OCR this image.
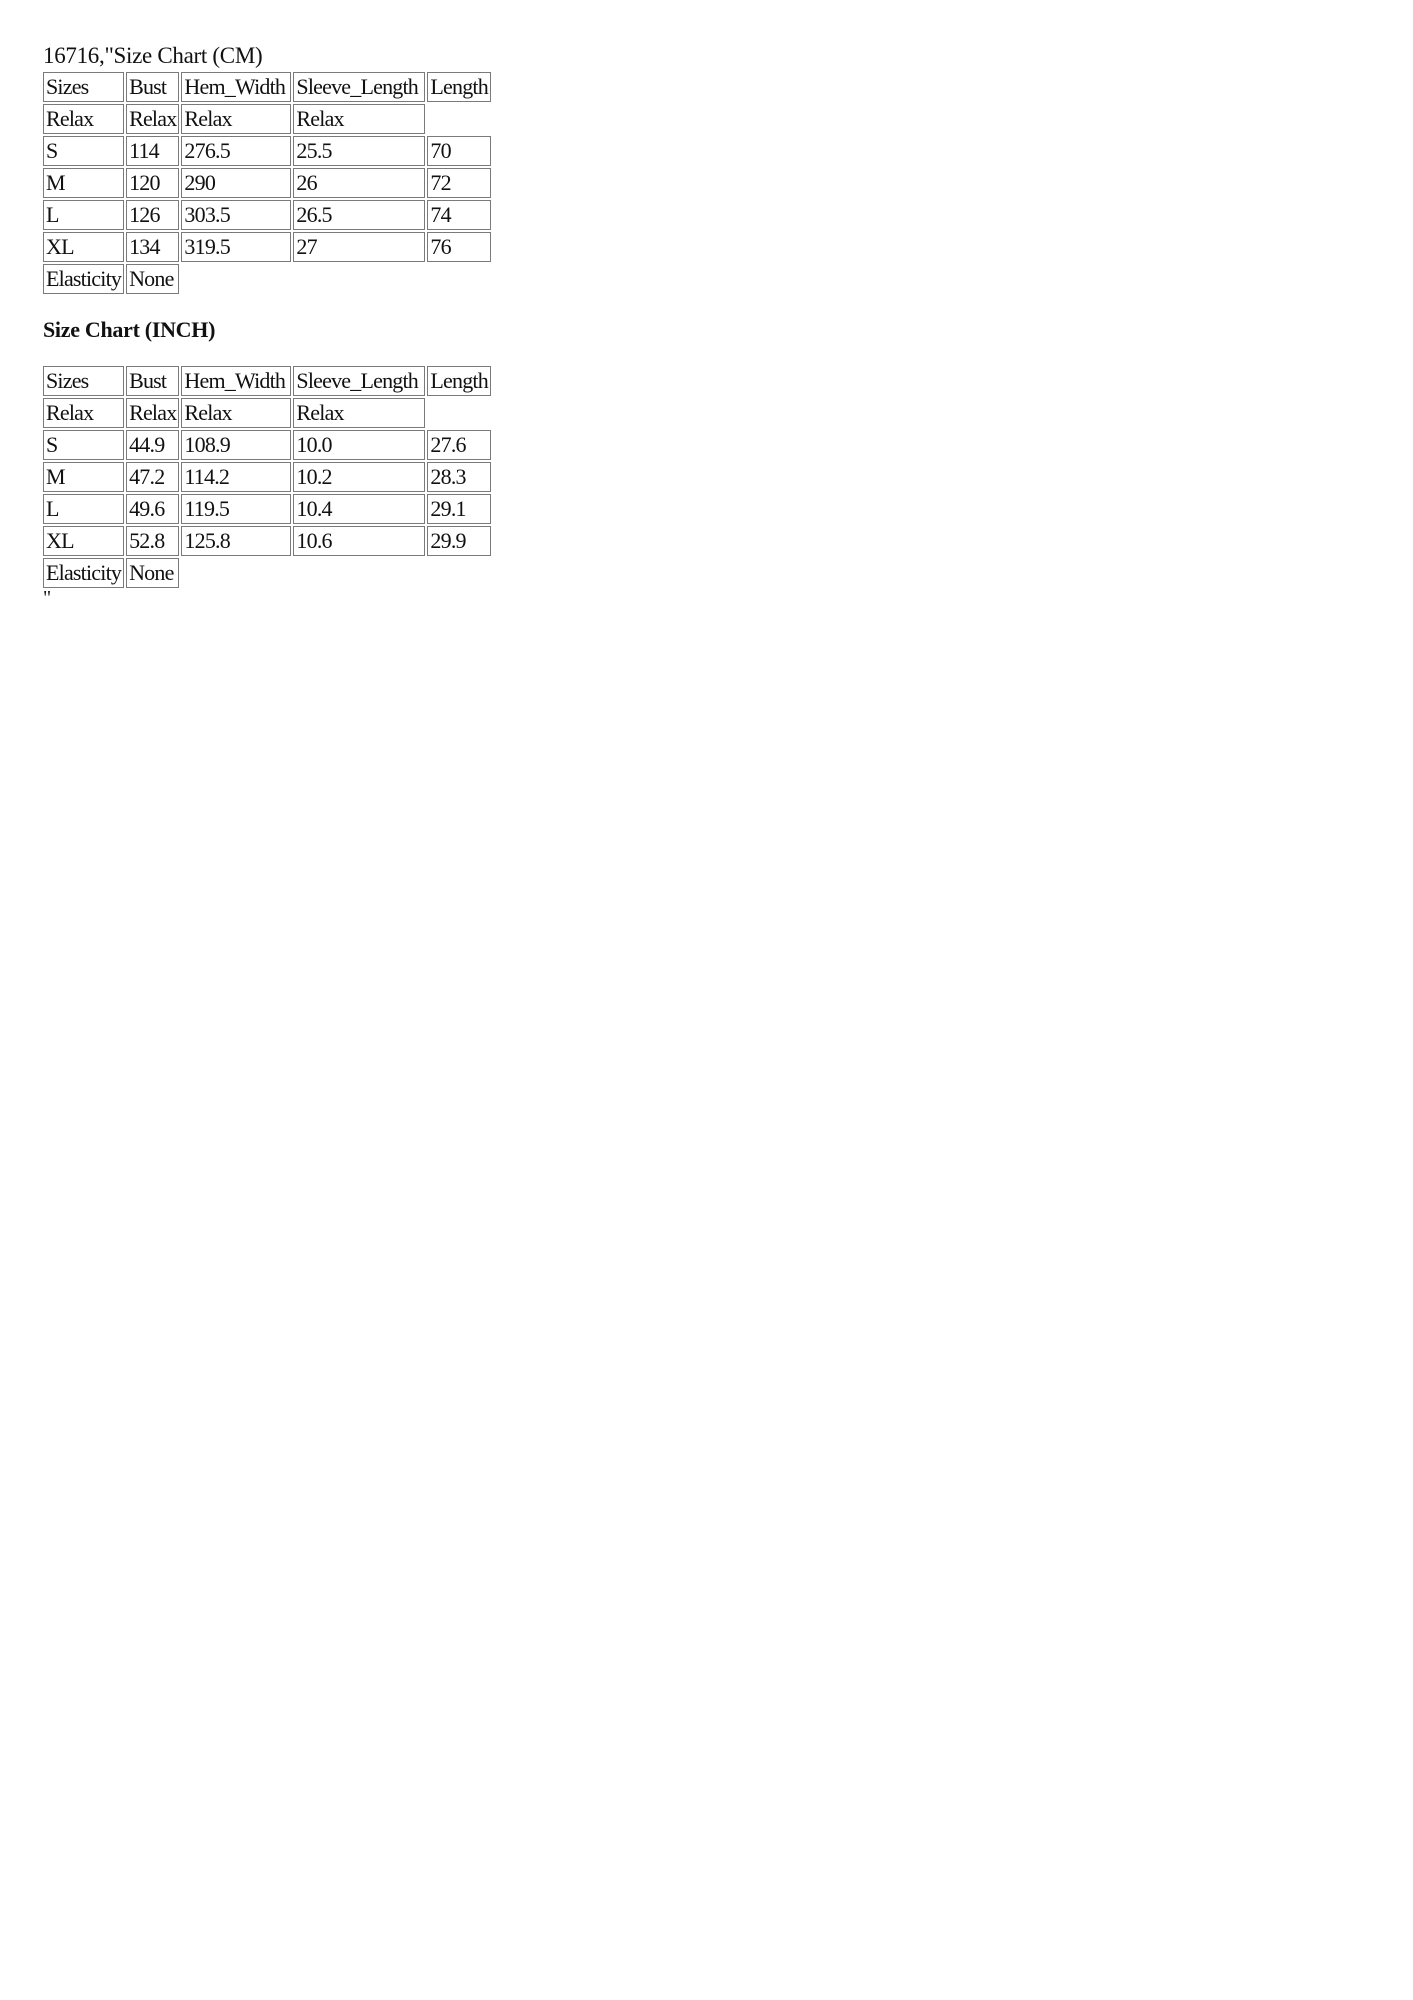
16716,"Size Chart (CM)

Sizes	Bust	Hem_Width	Sleeve_Length	Length
Relax	Relax	Relax	Relax	
S	114	276.5	25.5	70
M	120	290	26	72
L	126	303.5	26.5	74
XL	134	319.5	27	76
Elasticity	None			

Size Chart (INCH)

Sizes	Bust	Hem_Width	Sleeve_Length	Length
Relax	Relax	Relax	Relax	
S	44.9	108.9	10.0	27.6
M	47.2	114.2	10.2	28.3
L	49.6	119.5	10.4	29.1
XL	52.8	125.8	10.6	29.9
Elasticity	None			

"
